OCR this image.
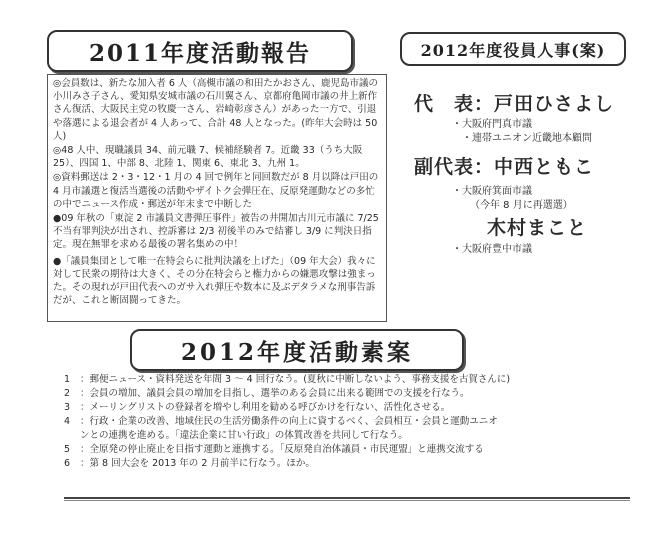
2011年度活動報告	2012年度役員人事(案)
◎会員数は、新たな加入者 6 人（高槻市議の和田たかおさん、鹿児島市議の小川みさ子さん、愛知県安城市議の石川翼さん、京都府亀岡市議の井上新作さん復活、大阪民主党の牧慶一さん、岩崎彰彦さん）があった一方で、引退や落選による退会者が 4 人あって、合計 48 人となった。(昨年大会時は 50 人)
◎48 人中、現職議員 34、前元職 7、候補経験者 7。近畿 33（うち大阪 25）、四国 1、中部 8、北陸 1、関東 6、東北 3、九州 1。
◎資料郵送は 2・3・12・1 月の 4 回で例年と同回数だが 8 月以降は戸田の 4 月市議選と復活当選後の活動やザイトク会弾圧在、反原発運動などの多忙の中でニュース作成・郵送が年末まで中断した
●09 年秋の「東淀 2 市議員文書弾圧事件」被告の井開加古川元市議に 7/25 不当有罪判決が出され、控訴審は 2/3 初後半のみで結審し 3/9 に判決日指定。現在無罪を求める最後の署名集めの中！
●「議員集団として唯一在特会らに批判決議を上げた」（09 年大会）我々に対して民衆の期待は大きく、その分在特会らと権力からの嫌悪攻撃は強まった。その現れが戸田代表へのガサ入れ弾圧や数本に及ぶデタラメな刑事告訴だが、これと断固闘ってきた。
代　表：戸田ひさよし
・大阪府門真市議
・連帯ユニオン近畿地本顧問
副代表：中西ともこ
・大阪府箕面市議
（今年 8 月に再選選）
木村まこと
・大阪府豊中市議
2012年度活動素案
1	：郵便ニュース・資料発送を年間 3 ～ 4 回行なう。(夏秋に中断しないよう、事務支援を古賀さんに)
2	：会員の増加、議員会員の増加を目指し、選挙のある会員に出来る範囲での支援を行なう。
3	：メーリングリストの登録者を増やし利用を勧める呼びかけを行ない、活性化させる。
4	：行政・企業の改善、地域住民の生活労働条件の向上に資するべく、会員相互・会員と運動ユニオ
ンとの連携を進める。「違法企業に甘い行政」の体質改善を共同して行なう。
5	：全原発の停止廃止を目指す運動と連携する。「反原発自治体議員・市民運盟」と連携交流する
6	：第 8 回大会を 2013 年の 2 月前半に行なう。ほか。
